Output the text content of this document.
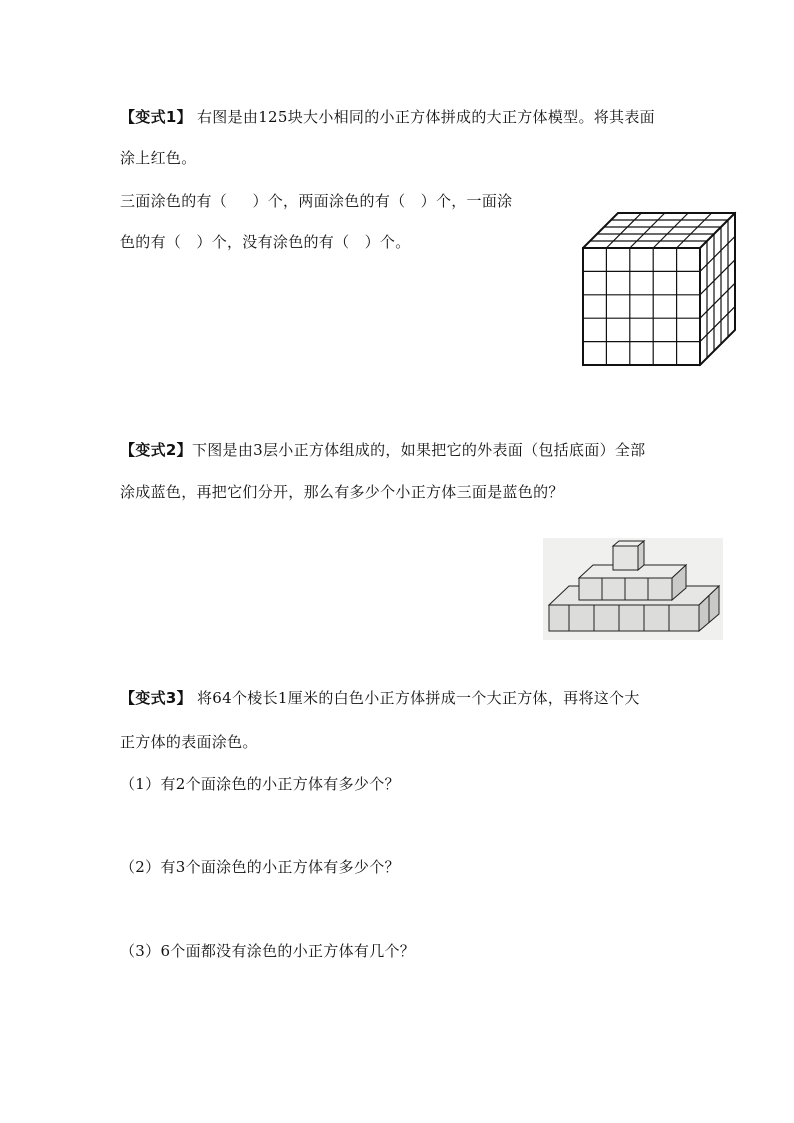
【变式1】 右图是由125块大小相同的小正方体拼成的大正方体模型。将其表面
涂上红色。
三面涂色的有（     ）个，两面涂色的有（   ）个，一面涂
色的有（   ）个，没有涂色的有（   ）个。
【变式2】下图是由3层小正方体组成的，如果把它的外表面（包括底面）全部
涂成蓝色，再把它们分开，那么有多少个小正方体三面是蓝色的？
【变式3】 将64个棱长1厘米的白色小正方体拼成一个大正方体，再将这个大
正方体的表面涂色。
（1）有2个面涂色的小正方体有多少个？
（2）有3个面涂色的小正方体有多少个？
（3）6个面都没有涂色的小正方体有几个？
